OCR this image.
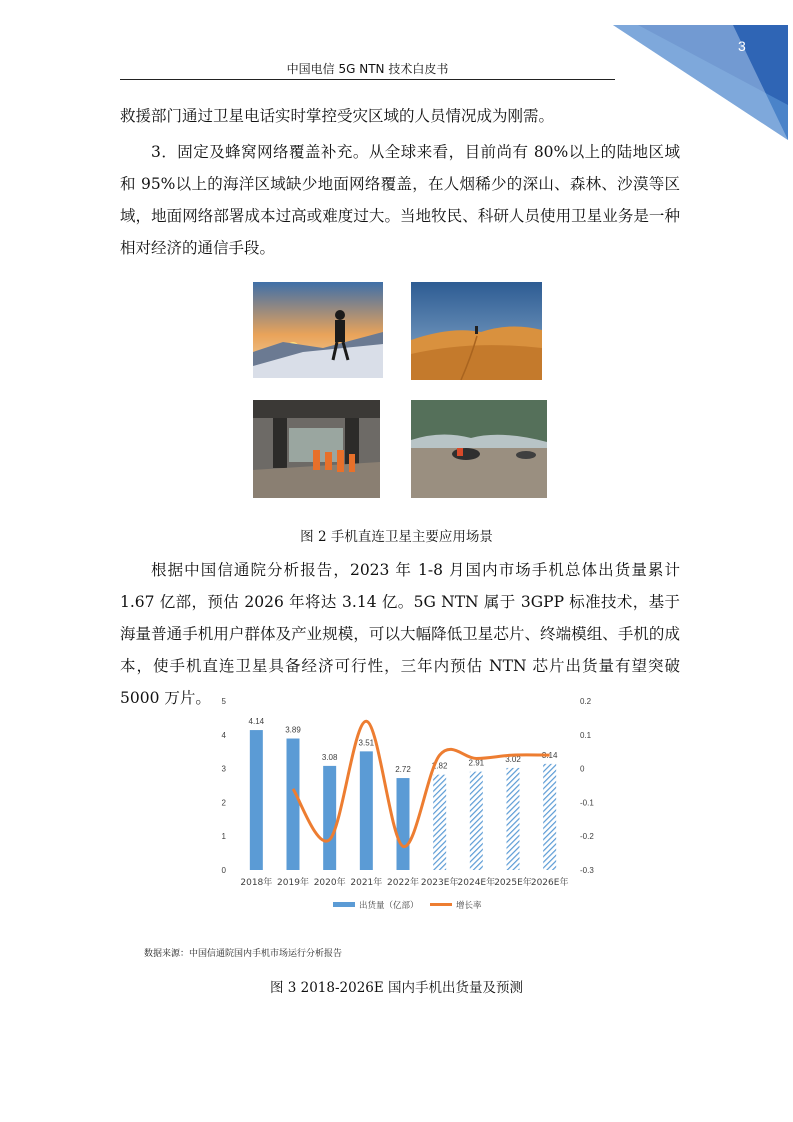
中国电信 5G NTN 技术白皮书
3

救援部门通过卫星电话实时掌控受灾区域的人员情况成为刚需。

3．固定及蜂窝网络覆盖补充。从全球来看，目前尚有 80%以上的陆地区域和 95%以上的海洋区域缺少地面网络覆盖，在人烟稀少的深山、森林、沙漠等区域，地面网络部署成本过高或难度过大。当地牧民、科研人员使用卫星业务是一种相对经济的通信手段。

图 2 手机直连卫星主要应用场景

根据中国信通院分析报告，2023 年 1-8 月国内市场手机总体出货量累计 1.67 亿部，预估 2026 年将达 3.14 亿。5G NTN 属于 3GPP 标准技术，基于海量普通手机用户群体及产业规模，可以大幅降低卫星芯片、终端模组、手机的成本，使手机直连卫星具备经济可行性，三年内预估 NTN 芯片出货量有望突破 5000 万片。

4.14
3.89
3.08
3.51
2.72	2.82	2.91	3.02	3.14
0
1
2
3
4
5
-0.3
-0.2
-0.1
0
0.1
0.2
2018年 2019年 2020年 2021年 2022年 2023E年 2024E年 2025E年 2026E年
出货量（亿部）	增长率
数据来源：中国信通院国内手机市场运行分析报告
图 3 2018-2026E 国内手机出货量及预测
